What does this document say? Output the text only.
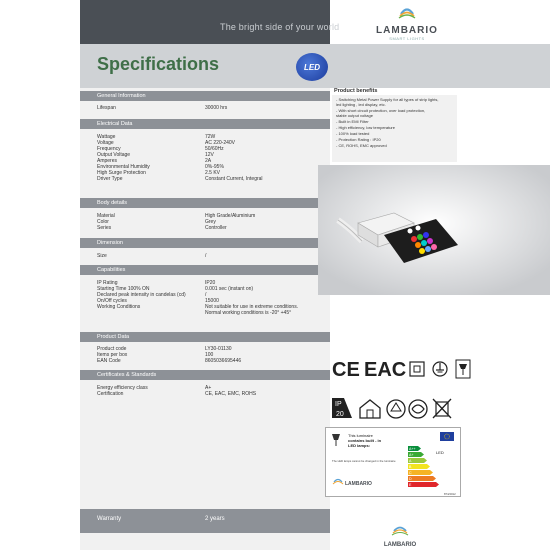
The bright side of your world	LAMBARIO
SMART LIGHTS
Specifications	LED
General Information
Lifespan	30000 hrs
Electrical Data
Wattage	72W
Voltage	AC 220-240V
Frequency	50/60Hz
Output Voltage	12V
Amperes	2A
Environmental Humidity	0%-95%
High Surge Protection	2.5 KV
Driver Type	Constant Current, Integral
Body details
Material	High Grade/Aluminium
Color	Grey
Series	Controller
Dimension
Size	/
Capabilities
IP Rating	IP20
Starting Time 100% ON	0.001 sec (instant on)
Declared peak intensity in candelas (cd)	/
On/Off cycles	15000
Working Conditions	Not suitable for use in extreme conditions.
Normal working conditions is -20° +45°
Product Data
Product code	LY30-01130
Items per box	100
EAN Code	8605036695446
Certificates & Standards
Energy efficiency class	A+
Certification	CE, EAC, EMC, ROHS
Warranty	2 years
Product benefits
- Switching Metal Power Supply for all types of strip lights,
led lighting , led display, etc.
- With short circuit protection, over load protection,
stable output voltage
- Built in EMI Filter
- High efficiency, low temperature
- 100% load tested
- Protection Rating : IP20
- CE, ROHS, EMC approved
CE EAC
IP
20
This luminaire
contains built - in
LED lamps:
The LED lamps cannot be changed in the luminaire
A++
A+
A
B
C
D
E
LED
LAMBARIO
874/2012
LAMBARIO
